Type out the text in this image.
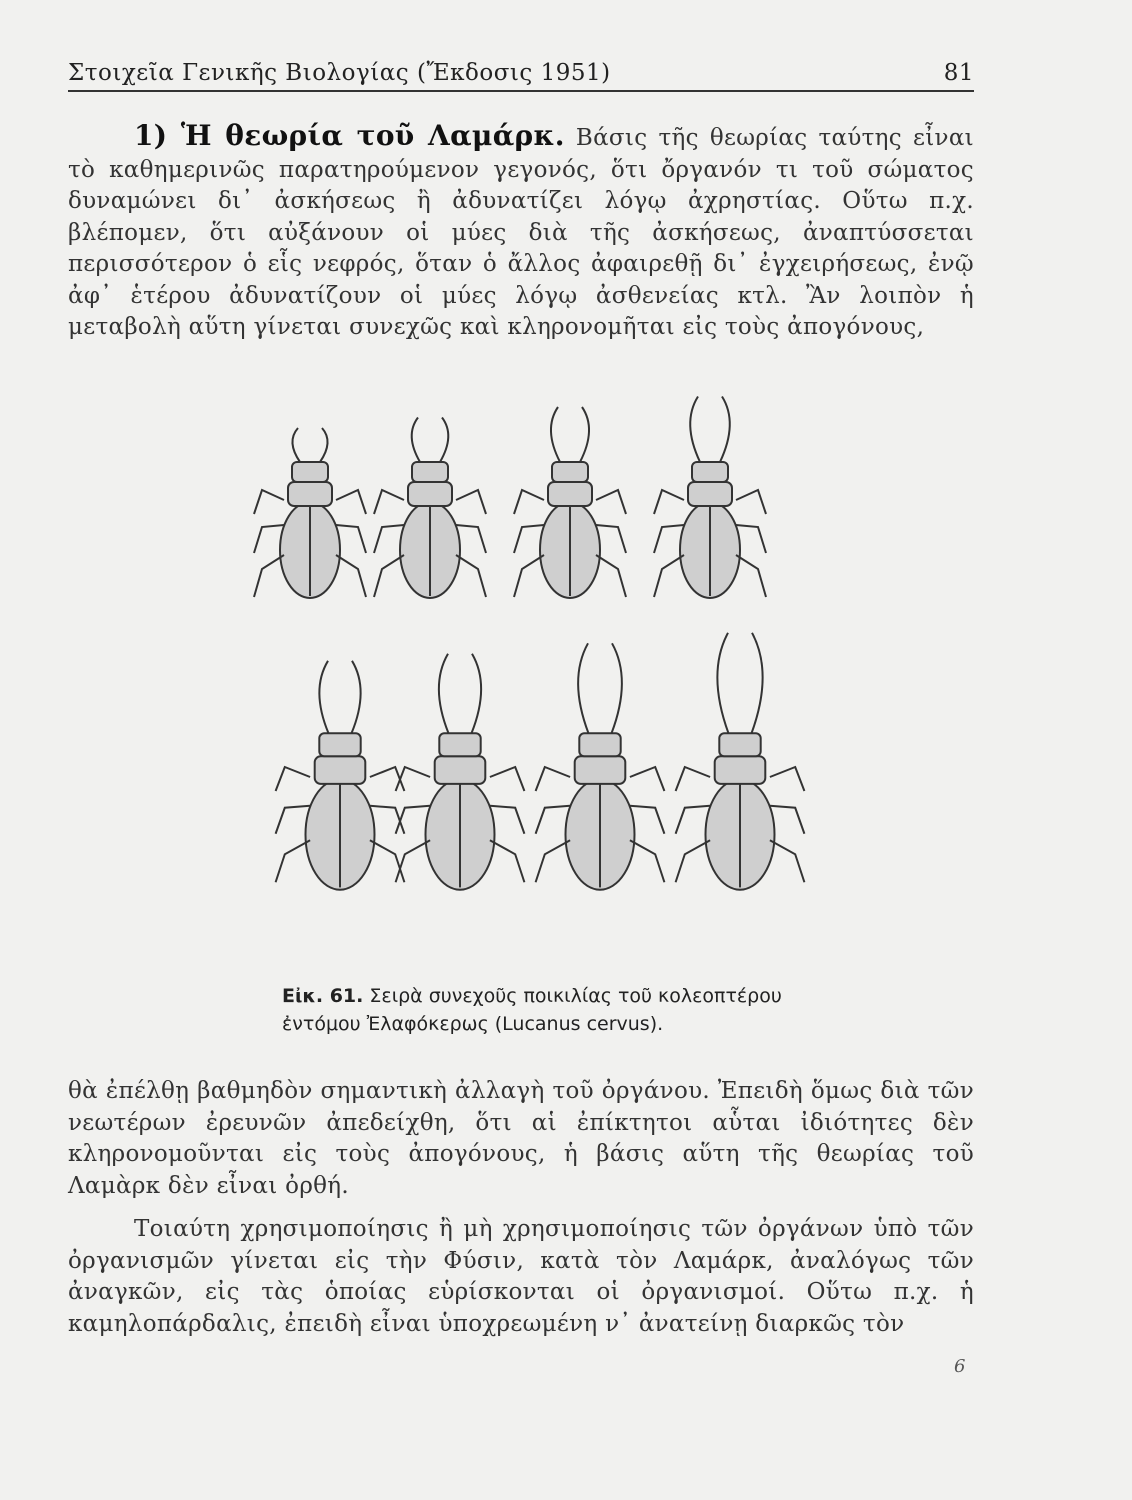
Στοιχεῖα Γενικῆς Βιολογίας (Ἔκδοσις 1951)	81
1) Ἡ θεωρία τοῦ Λαμάρκ. Βάσις τῆς θεωρίας ταύτης εἶναι τὸ καθημερινῶς παρατηρούμενον γεγονός, ὅτι ὄργανόν τι τοῦ σώματος δυναμώνει δι᾽ ἀσκήσεως ἢ ἀδυνατίζει λόγῳ ἀχρηστίας. Οὕτω π.χ. βλέπομεν, ὅτι αὐξάνουν οἱ μύες διὰ τῆς ἀσκήσεως, ἀναπτύσσεται περισσότερον ὁ εἷς νεφρός, ὅταν ὁ ἄλλος ἀφαιρεθῇ δι᾽ ἐγχειρήσεως, ἐνῷ ἀφ᾽ ἑτέρου ἀδυνατίζουν οἱ μύες λόγῳ ἀσθενείας κτλ. Ἂν λοιπὸν ἡ μεταβολὴ αὕτη γίνεται συνεχῶς καὶ κληρονομῆται εἰς τοὺς ἀπογόνους,
Εἰκ. 61. Σειρὰ συνεχοῦς ποικιλίας τοῦ κολεοπτέρου ἐντόμου Ἐλαφόκερως (Lucanus cervus).
θὰ ἐπέλθῃ βαθμηδὸν σημαντικὴ ἀλλαγὴ τοῦ ὀργάνου. Ἐπειδὴ ὅμως διὰ τῶν νεωτέρων ἐρευνῶν ἀπεδείχθη, ὅτι αἱ ἐπίκτητοι αὗται ἰδιότητες δὲν κληρονομοῦνται εἰς τοὺς ἀπογόνους, ἡ βάσις αὕτη τῆς θεωρίας τοῦ Λαμὰρκ δὲν εἶναι ὀρθή.
Τοιαύτη χρησιμοποίησις ἢ μὴ χρησιμοποίησις τῶν ὀργάνων ὑπὸ τῶν ὀργανισμῶν γίνεται εἰς τὴν Φύσιν, κατὰ τὸν Λαμάρκ, ἀναλόγως τῶν ἀναγκῶν, εἰς τὰς ὁποίας εὑρίσκονται οἱ ὀργανισμοί. Οὕτω π.χ. ἡ καμηλοπάρδαλις, ἐπειδὴ εἶναι ὑποχρεωμένη ν᾽ ἀνατείνῃ διαρκῶς τὸν
6
